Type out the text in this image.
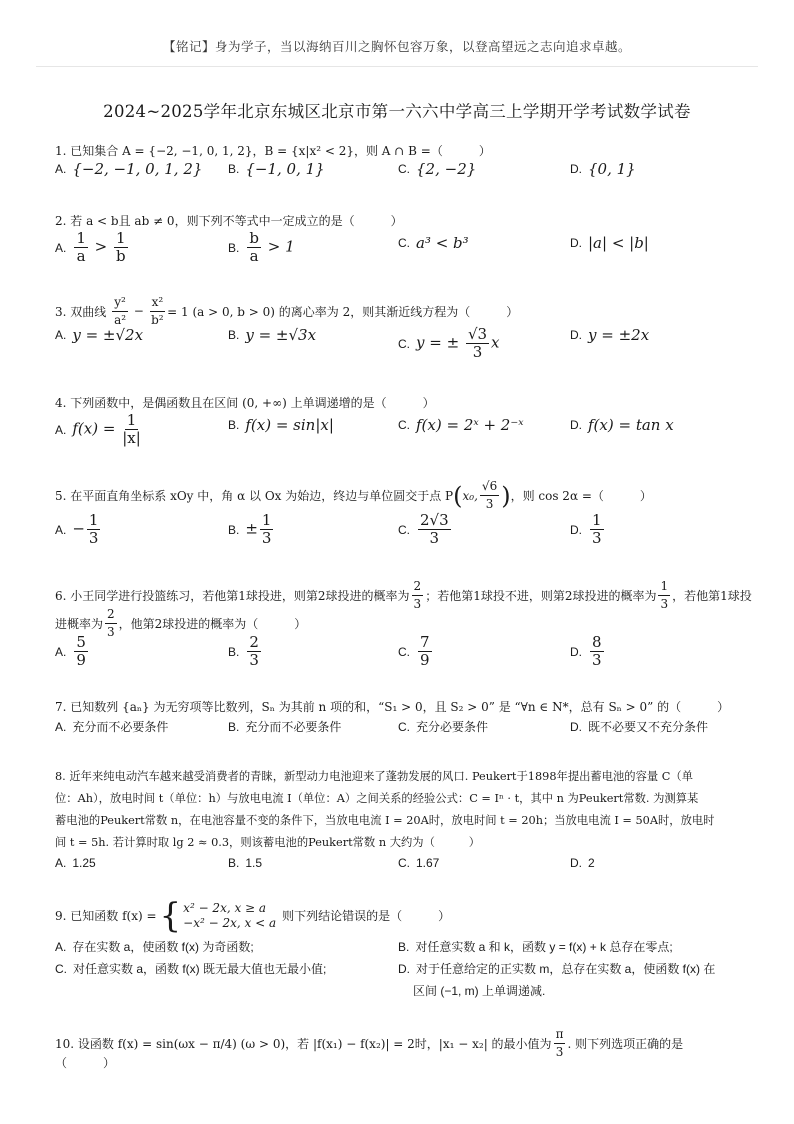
【铭记】身为学子，当以海纳百川之胸怀包容万象，以登高望远之志向追求卓越。
2024~2025学年北京东城区北京市第一六六中学高三上学期开学考试数学试卷
1. 已知集合 A = {−2, −1, 0, 1, 2}，B = {x|x² < 2}，则 A ∩ B =（　　　）
A. {−2, −1, 0, 1, 2} B. {−1, 0, 1}	C. {2, −2}	D. {0, 1}
2. 若 a < b且 ab ≠ 0，则下列不等式中一定成立的是（　　　）
A. $\frac{1}{a} > \frac{1}{b}$	B. $\frac{b}{a} > 1$	C. a³ < b³	D. |a| < |b|
3. 双曲线 $\frac{\text{y²}}{\text{a²}} - \frac{\text{x²}}{\text{b²}} = 1$ (a > 0, b > 0) 的离心率为 2，则其渐近线方程为（　　　）
A. y = ±√2x	B. y = ±√3x	C. y = ± $\frac{√3}{3}$ x	D. y = ±2x
4. 下列函数中，是偶函数且在区间 (0, +∞) 上单调递增的是（　　　）
A. $f(x) = \frac{1}{|x|}$	B. f(x) = sin|x|	C. f(x) = 2ˣ + 2⁻ˣ	D. f(x) = tan x
5. 在平面直角坐标系 xOy 中，角 α 以 Ox 为始边，终边与单位圆交于点 P ( x₀ , $\frac{√6}{3}$ ) ，则 cos 2α =（　　　）
A. − $\frac{1}{3}$	B. ± $\frac{1}{3}$	C. $\frac{2√3}{3}$	D. $\frac{1}{3}$
6. 小王同学进行投篮练习，若他第1球投进，则第2球投进的概率为 $\frac{2}{3}$ ；若他第1球投不进，则第2球投进的概率为 $\frac{1}{3}$ ，若他第1球投
进概率为 $\frac{2}{3}$ ，他第2球投进的概率为（　　　）
A. $\frac{5}{9}$	B. $\frac{2}{3}$	C. $\frac{7}{9}$	D. $\frac{8}{3}$
7. 已知数列 {aₙ} 为无穷项等比数列，Sₙ 为其前 n 项的和，“S₁ > 0，且 S₂ > 0” 是 “∀n ∈ N*，总有 Sₙ > 0” 的（　　　）
A. 充分而不必要条件	B. 充分而不必要条件	C. 充分必要条件	D. 既不必要又不充分条件
8. 近年来纯电动汽车越来越受消费者的青睐，新型动力电池迎来了蓬勃发展的风口. Peukert于1898年提出蓄电池的容量 C（单
位：Ah），放电时间 t（单位：h）与放电电流 I（单位：A）之间关系的经验公式：C = Iⁿ · t，其中 n 为Peukert常数. 为测算某
蓄电池的Peukert常数 n，在电池容量不变的条件下，当放电电流 I = 20A时，放电时间 t = 20h；当放电电流 I = 50A时，放电时
间 t = 5h. 若计算时取 lg 2 ≈ 0.3，则该蓄电池的Peukert常数 n 大约为（　　　）
A. 1.25	B. 1.5	C. 1.67	D. 2
9. 已知函数 f(x) = { x² − 2x, x ≥ a
−x² − 2x, x < a 则下列结论错误的是（　　　）
A. 存在实数 a，使函数 f(x) 为奇函数;	B. 对任意实数 a 和 k，函数 y = f(x) + k 总存在零点;
C. 对任意实数 a，函数 f(x) 既无最大值也无最小值;	D. 对于任意给定的正实数 m，总存在实数 a，使函数 f(x) 在
区间 (−1, m) 上单调递减.
10. 设函数 f(x) = sin(ωx − π/4) (ω > 0)，若 |f(x₁) − f(x₂)| = 2时，|x₁ − x₂| 的最小值为 $\frac{\pi}{3}$ . 则下列选项正确的是
（　　　）
